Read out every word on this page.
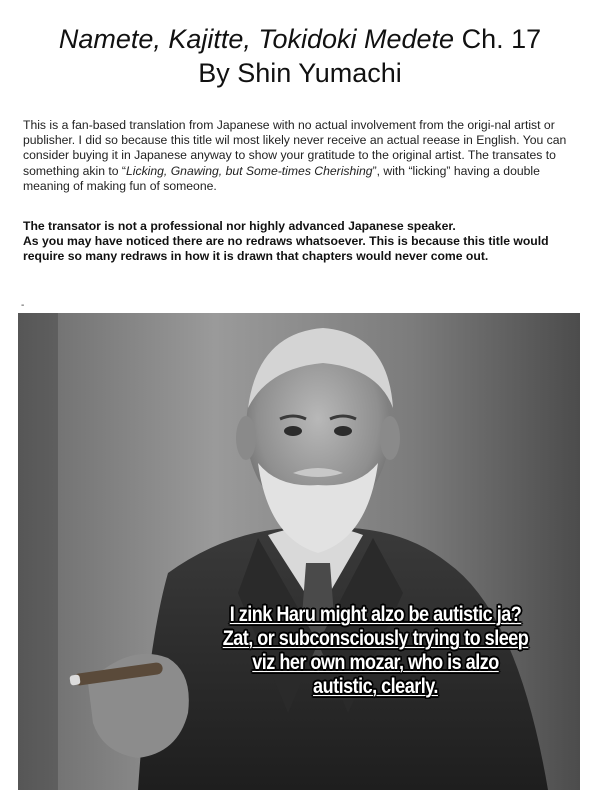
Namete, Kajitte, Tokidoki Medete Ch. 17
By Shin Yumachi

This is a fan-based translation from Japanese with no actual involvement from the origi-nal artist or publisher. I did so because this title wil most likely never receive an actual reease in English. You can consider buying it in Japanese anyway to show your gratitude to the original artist. The transates to something akin to “Licking, Gnawing, but Some-times Cherishing”, with “licking” having a double meaning of making fun of someone.

The transator is not a professional nor highly advanced Japanese speaker.

As you may have noticed there are no redraws whatsoever. This is because this title would require so many redraws in how it is drawn that chapters would never come out.

-
I zink Haru might alzo be autistic ja? Zat, or subconsciously trying to sleep viz her own mozar, who is alzo autistic, clearly.
